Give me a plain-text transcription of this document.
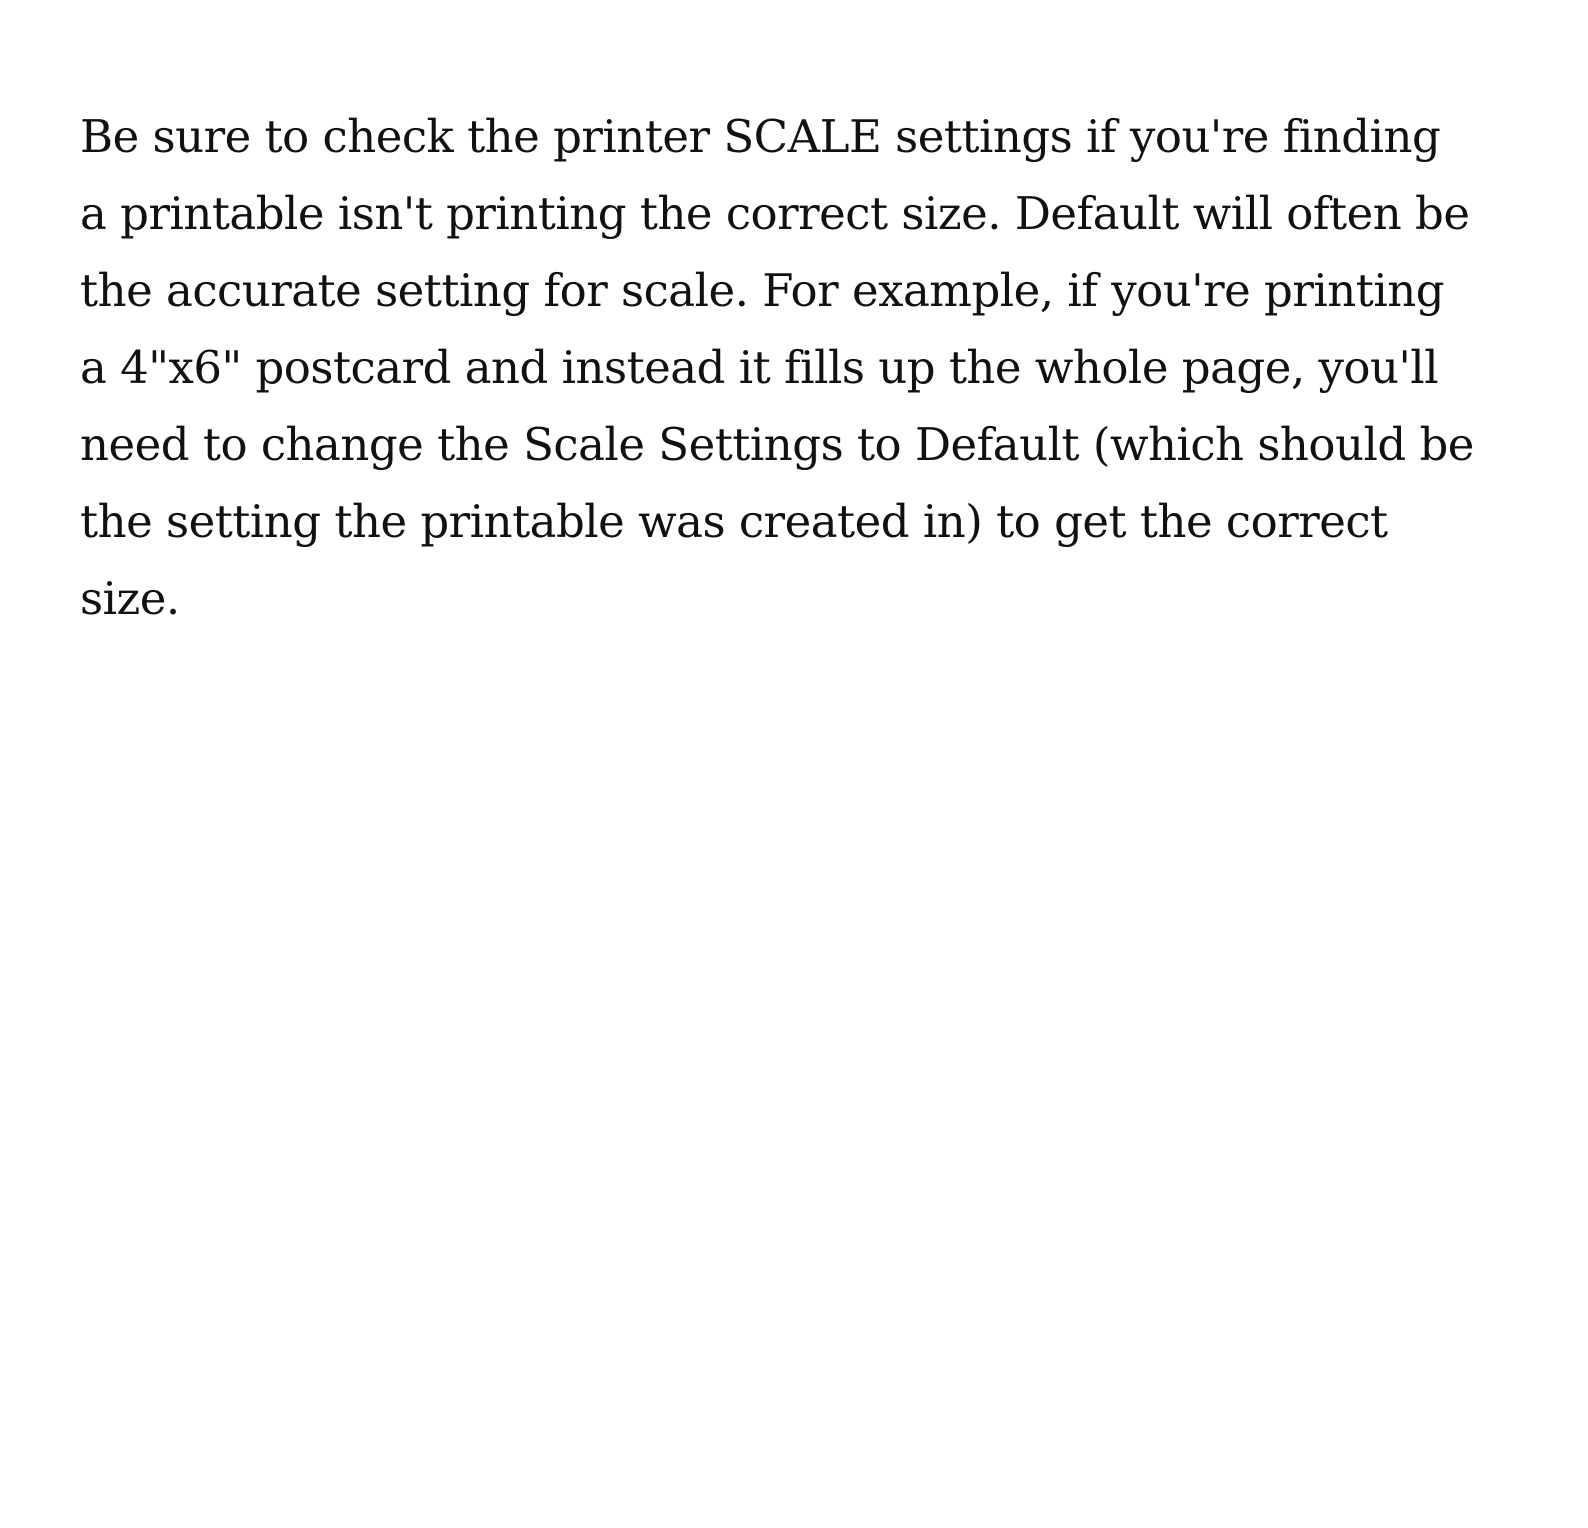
Be sure to check the printer SCALE settings if you're finding
a printable isn't printing the correct size. Default will often be
the accurate setting for scale. For example, if you're printing
a 4"x6" postcard and instead it fills up the whole page, you'll
need to change the Scale Settings to Default (which should be
the setting the printable was created in) to get the correct
size.
